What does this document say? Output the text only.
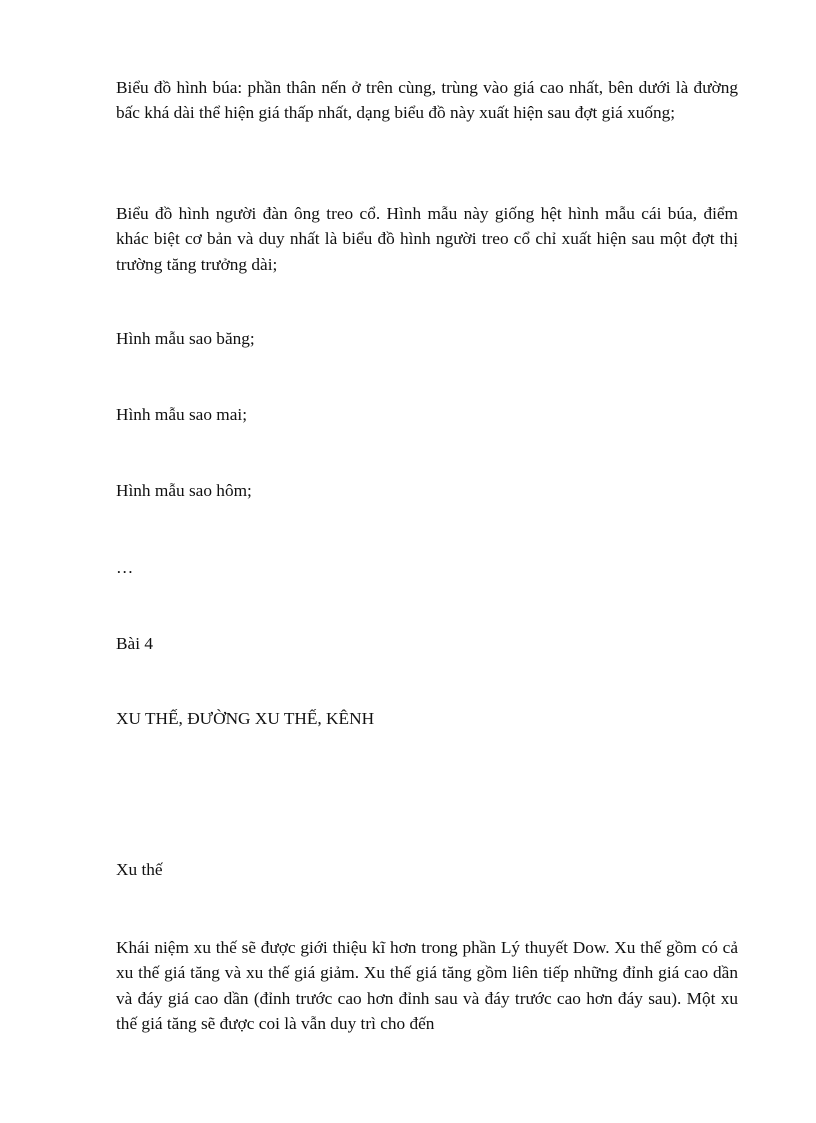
Biểu đồ hình búa: phần thân nến ở trên cùng, trùng vào giá cao nhất, bên dưới là đường bấc khá dài thể hiện giá thấp nhất, dạng biểu đồ này xuất hiện sau đợt giá xuống;

Biểu đồ hình người đàn ông treo cổ. Hình mẫu này giống hệt hình mẫu cái búa, điểm khác biệt cơ bản và duy nhất là biểu đồ hình người treo cổ chỉ xuất hiện sau một đợt thị trường tăng trưởng dài;

Hình mẫu sao băng;

Hình mẫu sao mai;

Hình mẫu sao hôm;

…

Bài 4

XU THẾ, ĐƯỜNG XU THẾ, KÊNH

Xu thế

Khái niệm xu thế sẽ được giới thiệu kĩ hơn trong phần Lý thuyết Dow. Xu thế gồm có cả xu thế giá tăng và xu thế giá giảm. Xu thế giá tăng gồm liên tiếp những đỉnh giá cao dần và đáy giá cao dần (đỉnh trước cao hơn đỉnh sau và đáy trước cao hơn đáy sau). Một xu thế giá tăng sẽ được coi là vẫn duy trì cho đến
